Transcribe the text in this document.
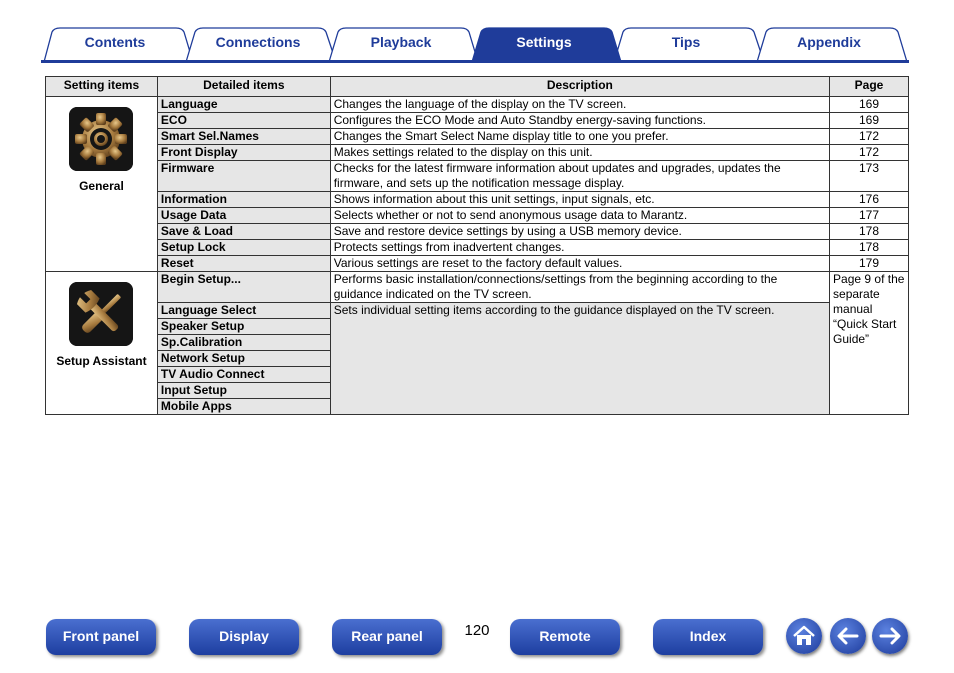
Contents	Connections	Playback	Settings	Tips	Appendix
Setting items	Detailed items	Description	Page

General	Language	Changes the language of the display on the TV screen.	169
	ECO	Configures the ECO Mode and Auto Standby energy-saving functions.	169
	Smart Sel.Names	Changes the Smart Select Name display title to one you prefer.	172
	Front Display	Makes settings related to the display on this unit.	172
	Firmware	Checks for the latest firmware information about updates and upgrades, updates the firmware, and sets up the notification message display.	173
	Information	Shows information about this unit settings, input signals, etc.	176
	Usage Data	Selects whether or not to send anonymous usage data to Marantz.	177
	Save & Load	Save and restore device settings by using a USB memory device.	178
	Setup Lock	Protects settings from inadvertent changes.	178
	Reset	Various settings are reset to the factory default values.	179

Setup Assistant	Begin Setup...	Performs basic installation/connections/settings from the beginning according to the guidance indicated on the TV screen.	Page 9 of the separate manual “Quick Start Guide”
	Language Select	Sets individual setting items according to the guidance displayed on the TV screen.	
	Speaker Setup		
	Sp.Calibration		
	Network Setup		
	TV Audio Connect		
	Input Setup		
	Mobile Apps		
Front panel	Display	Rear panel	120	Remote	Index
